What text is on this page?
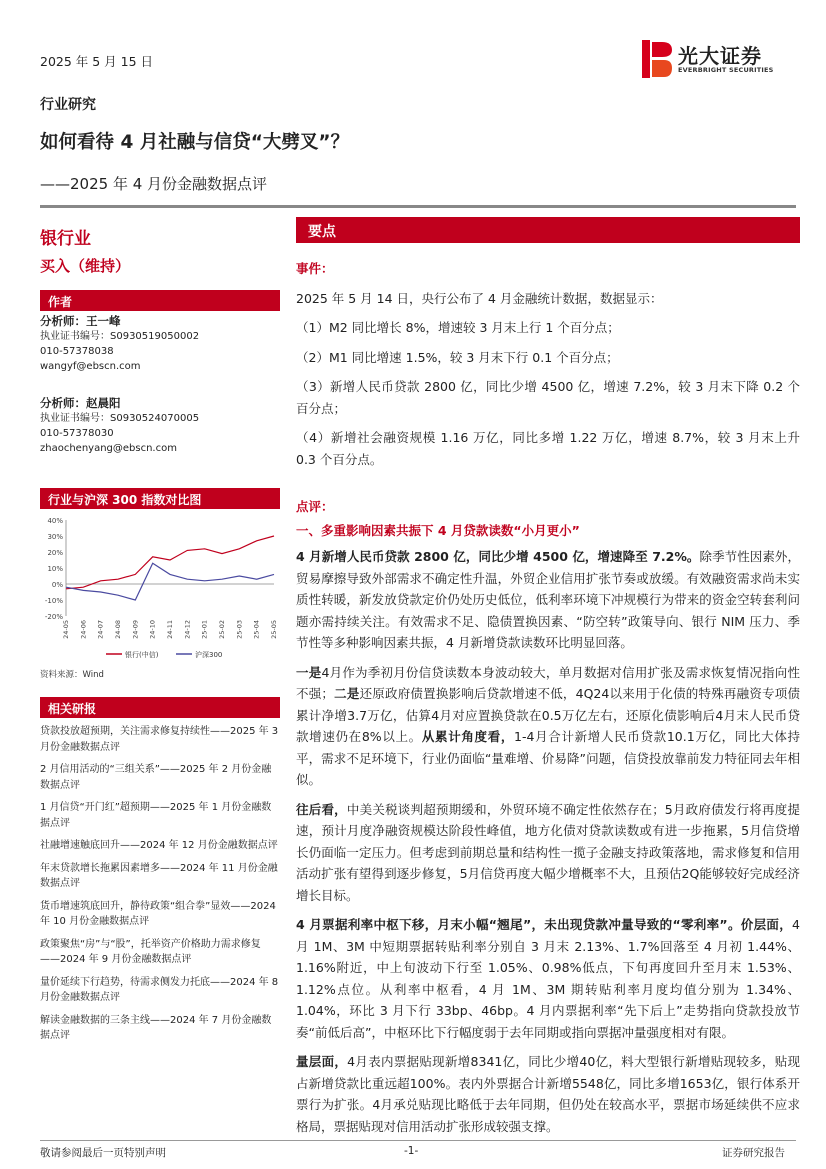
2025 年 5 月 15 日	光大证券
EVERBRIGHT SECURITIES
行业研究
如何看待 4 月社融与信贷“大劈叉”？
——2025 年 4 月份金融数据点评
银行业
买入（维持）
作者
分析师：王一峰
执业证书编号：S0930519050002
010-57378038
wangyf@ebscn.com
分析师：赵晨阳
执业证书编号：S0930524070005
010-57378030
zhaochenyang@ebscn.com
行业与沪深 300 指数对比图
40%
30%
20%
10%
0%
-10%
-20%
24-05 24-06 24-07 24-08 24-09 24-10 24-11 24-12 25-01 25-02 25-03 25-04 25-05
银行(中信)	沪深300
资料来源：Wind
相关研报
贷款投放超预期，关注需求修复持续性——2025 年 3 月份金融数据点评
2 月信用活动的“三组关系”——2025 年 2 月份金融数据点评
1 月信贷“开门红”超预期——2025 年 1 月份金融数据点评
社融增速触底回升——2024 年 12 月份金融数据点评
年末贷款增长拖累因素增多——2024 年 11 月份金融数据点评
货币增速筑底回升，静待政策“组合拳”显效——2024 年 10 月份金融数据点评
政策聚焦“房”与“股”，托举资产价格助力需求修复——2024 年 9 月份金融数据点评
量价延续下行趋势，待需求侧发力托底——2024 年 8 月份金融数据点评
解读金融数据的三条主线——2024 年 7 月份金融数据点评
要点
事件：
2025 年 5 月 14 日，央行公布了 4 月金融统计数据，数据显示：
（1）M2 同比增长 8%，增速较 3 月末上行 1 个百分点；
（2）M1 同比增速 1.5%，较 3 月末下行 0.1 个百分点；
（3）新增人民币贷款 2800 亿，同比少增 4500 亿，增速 7.2%，较 3 月末下降 0.2 个百分点；
（4）新增社会融资规模 1.16 万亿，同比多增 1.22 万亿，增速 8.7%，较 3 月末上升 0.3 个百分点。
点评：
一、多重影响因素共振下 4 月贷款读数“小月更小”
4 月新增人民币贷款 2800 亿，同比少增 4500 亿，增速降至 7.2%。除季节性因素外，贸易摩擦导致外部需求不确定性升温，外贸企业信用扩张节奏或放缓。有效融资需求尚未实质性转暖，新发放贷款定价仍处历史低位，低利率环境下冲规模行为带来的资金空转套利问题亦需持续关注。有效需求不足、隐债置换因素、“防空转”政策导向、银行 NIM 压力、季节性等多种影响因素共振，4 月新增贷款读数环比明显回落。
一是4月作为季初月份信贷读数本身波动较大，单月数据对信用扩张及需求恢复情况指向性不强；二是还原政府债置换影响后贷款增速不低，4Q24以来用于化债的特殊再融资专项债累计净增3.7万亿，估算4月对应置换贷款在0.5万亿左右，还原化债影响后4月末人民币贷款增速仍在8%以上。从累计角度看，1-4月合计新增人民币贷款10.1万亿，同比大体持平，需求不足环境下，行业仍面临“量难增、价易降”问题，信贷投放靠前发力特征同去年相似。
往后看，中美关税谈判超预期缓和，外贸环境不确定性依然存在；5月政府债发行将再度提速，预计月度净融资规模达阶段性峰值，地方化债对贷款读数或有进一步拖累，5月信贷增长仍面临一定压力。但考虑到前期总量和结构性一揽子金融支持政策落地，需求修复和信用活动扩张有望得到逐步修复，5月信贷再度大幅少增概率不大，且预估2Q能够较好完成经济增长目标。
4 月票据利率中枢下移，月末小幅“翘尾”，未出现贷款冲量导致的“零利率”。价层面，4 月 1M、3M 中短期票据转贴利率分别自 3 月末 2.13%、1.7%回落至 4 月初 1.44%、1.16%附近，中上旬波动下行至 1.05%、0.98%低点，下旬再度回升至月末 1.53%、1.12%点位。从利率中枢看，4 月 1M、3M 期转贴利率月度均值分别为 1.34%、1.04%，环比 3 月下行 33bp、46bp。4 月内票据利率“先下后上”走势指向贷款投放节奏“前低后高”，中枢环比下行幅度弱于去年同期或指向票据冲量强度相对有限。
量层面，4月表内票据贴现新增8341亿，同比少增40亿，料大型银行新增贴现较多，贴现占新增贷款比重远超100%。表内外票据合计新增5548亿，同比多增1653亿，银行体系开票行为扩张。4月承兑贴现比略低于去年同期，但仍处在较高水平，票据市场延续供不应求格局，票据贴现对信用活动扩张形成较强支撑。
敬请参阅最后一页特别声明	-1-	证券研究报告
